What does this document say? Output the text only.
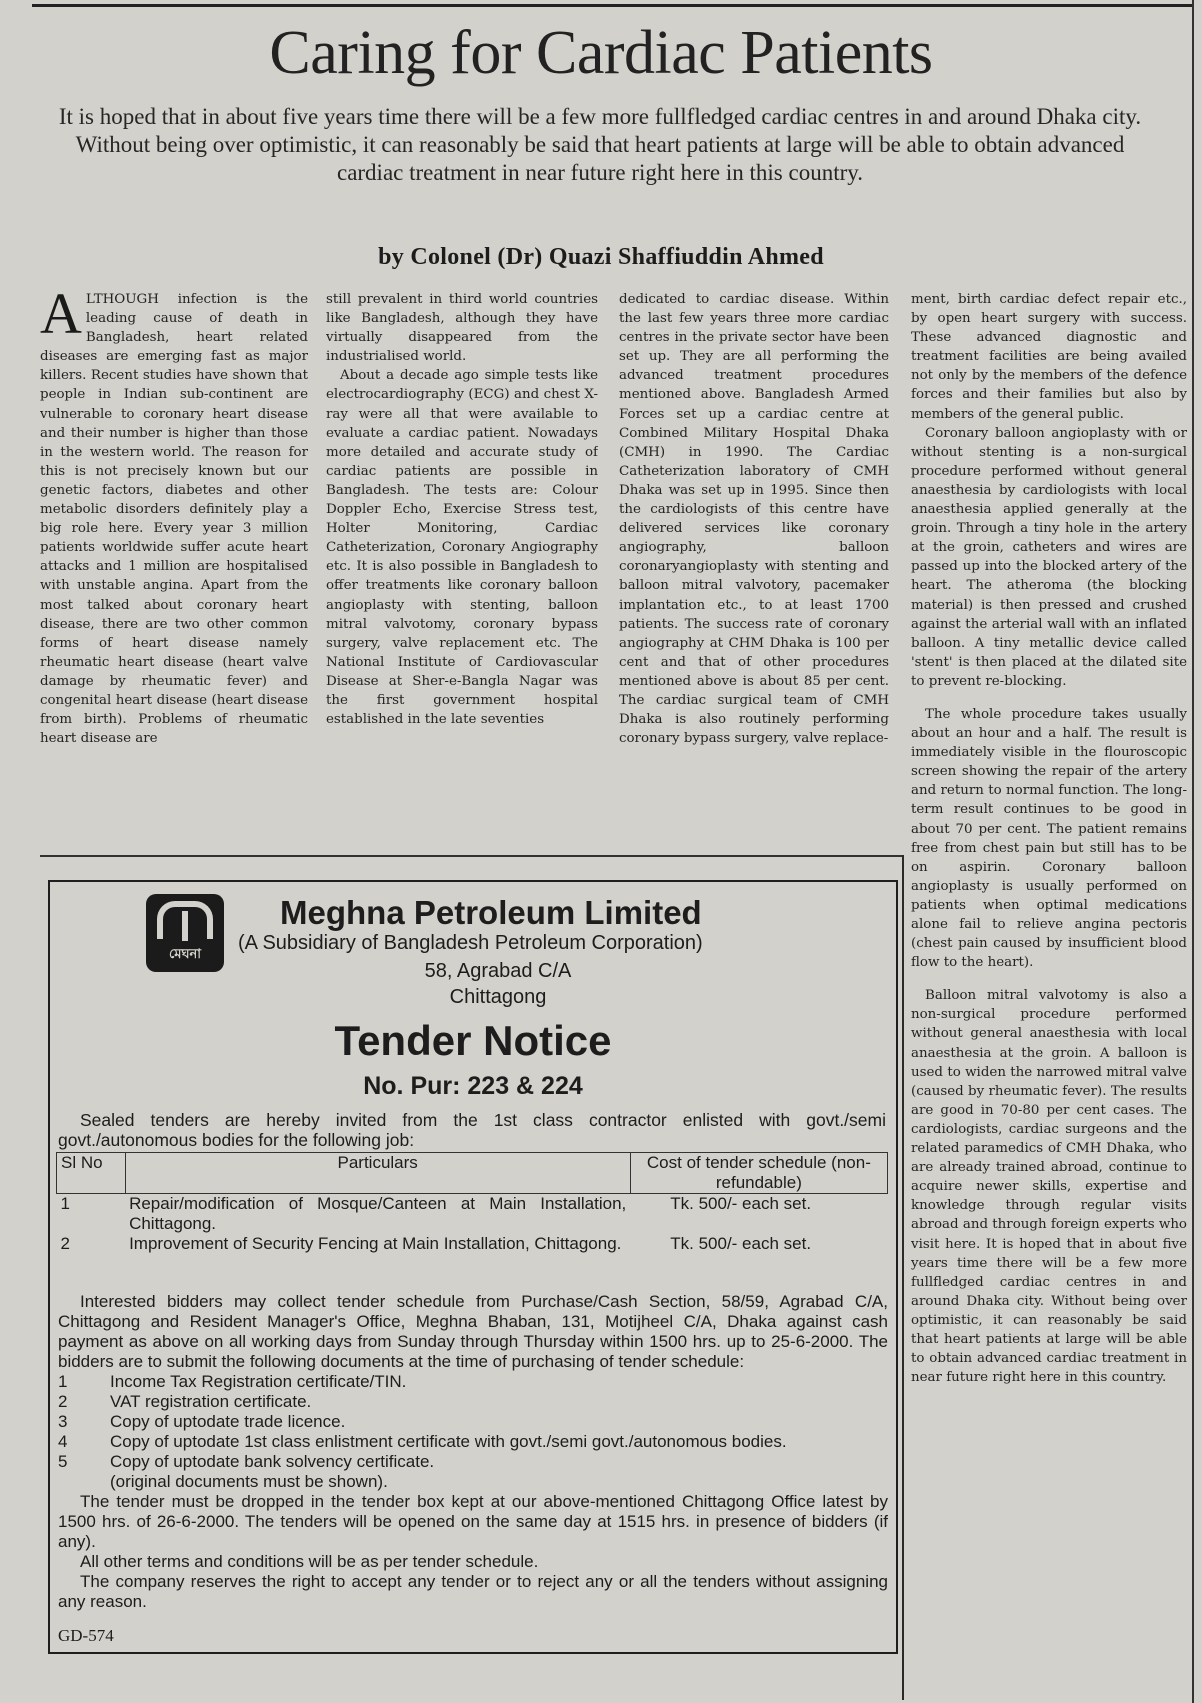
Caring for Cardiac Patients
It is hoped that in about five years time there will be a few more fullfledged cardiac centres in and around Dhaka city. Without being over optimistic, it can reasonably be said that heart patients at large will be able to obtain advanced cardiac treatment in near future right here in this country.
by Colonel (Dr) Quazi Shaffiuddin Ahmed

ALTHOUGH infection is the leading cause of death in Bangladesh, heart related diseases are emerging fast as major killers. Recent studies have shown that people in Indian sub-continent are vulnerable to coronary heart disease and their number is higher than those in the western world. The reason for this is not precisely known but our genetic factors, diabetes and other metabolic disorders definitely play a big role here. Every year 3 million patients worldwide suffer acute heart attacks and 1 million are hospitalised with unstable angina. Apart from the most talked about coronary heart disease, there are two other common forms of heart disease namely rheumatic heart disease (heart valve damage by rheumatic fever) and congenital heart disease (heart disease from birth). Problems of rheumatic heart disease are

still prevalent in third world countries like Bangladesh, although they have virtually disappeared from the industrialised world.

About a decade ago simple tests like electrocardiography (ECG) and chest X-ray were all that were available to evaluate a cardiac patient. Nowadays more detailed and accurate study of cardiac patients are possible in Bangladesh. The tests are: Colour Doppler Echo, Exercise Stress test, Holter Monitoring, Cardiac Catheterization, Coronary Angiography etc. It is also possible in Bangladesh to offer treatments like coronary balloon angioplasty with stenting, balloon mitral valvotomy, coronary bypass surgery, valve replacement etc. The National Institute of Cardiovascular Disease at Sher-e-Bangla Nagar was the first government hospital established in the late seventies

dedicated to cardiac disease. Within the last few years three more cardiac centres in the private sector have been set up. They are all performing the advanced treatment procedures mentioned above. Bangladesh Armed Forces set up a cardiac centre at Combined Military Hospital Dhaka (CMH) in 1990. The Cardiac Catheterization laboratory of CMH Dhaka was set up in 1995. Since then the cardiologists of this centre have delivered services like coronary angiography, balloon coronaryangioplasty with stenting and balloon mitral valvotory, pacemaker implantation etc., to at least 1700 patients. The success rate of coronary angiography at CHM Dhaka is 100 per cent and that of other procedures mentioned above is about 85 per cent. The cardiac surgical team of CMH Dhaka is also routinely performing coronary bypass surgery, valve replace-

ment, birth cardiac defect repair etc., by open heart surgery with success. These advanced diagnostic and treatment facilities are being availed not only by the members of the defence forces and their families but also by members of the general public.

Coronary balloon angioplasty with or without stenting is a non-surgical procedure performed without general anaesthesia by cardiologists with local anaesthesia applied generally at the groin. Through a tiny hole in the artery at the groin, catheters and wires are passed up into the blocked artery of the heart. The atheroma (the blocking material) is then pressed and crushed against the arterial wall with an inflated balloon. A tiny metallic device called 'stent' is then placed at the dilated site to prevent re-blocking.

The whole procedure takes usually about an hour and a half. The result is immediately visible in the flouroscopic screen showing the repair of the artery and return to normal function. The long-term result continues to be good in about 70 per cent. The patient remains free from chest pain but still has to be on aspirin. Coronary balloon angioplasty is usually performed on patients when optimal medications alone fail to relieve angina pectoris (chest pain caused by insufficient blood flow to the heart).

Balloon mitral valvotomy is also a non-surgical procedure performed without general anaesthesia with local anaesthesia at the groin. A balloon is used to widen the narrowed mitral valve (caused by rheumatic fever). The results are good in 70-80 per cent cases. The cardiologists, cardiac surgeons and the related paramedics of CMH Dhaka, who are already trained abroad, continue to acquire newer skills, expertise and knowledge through regular visits abroad and through foreign experts who visit here. It is hoped that in about five years time there will be a few more fullfledged cardiac centres in and around Dhaka city. Without being over optimistic, it can reasonably be said that heart patients at large will be able to obtain advanced cardiac treatment in near future right here in this country.

মেঘনা
Meghna Petroleum Limited
(A Subsidiary of Bangladesh Petroleum Corporation)
58, Agrabad C/A
Chittagong
Tender Notice
No. Pur: 223 & 224
Sealed tenders are hereby invited from the 1st class contractor enlisted with govt./semi govt./autonomous bodies for the following job:
Sl No	Particulars	Cost of tender schedule (non-refundable)
1	Repair/modification of Mosque/Canteen at Main Installation, Chittagong.	Tk. 500/- each set.
2	Improvement of Security Fencing at Main Installation, Chittagong.	Tk. 500/- each set.

Interested bidders may collect tender schedule from Purchase/Cash Section, 58/59, Agrabad C/A, Chittagong and Resident Manager's Office, Meghna Bhaban, 131, Motijheel C/A, Dhaka against cash payment as above on all working days from Sunday through Thursday within 1500 hrs. up to 25-6-2000. The bidders are to submit the following documents at the time of purchasing of tender schedule:

1	Income Tax Registration certificate/TIN.
2	VAT registration certificate.
3	Copy of uptodate trade licence.
4	Copy of uptodate 1st class enlistment certificate with govt./semi govt./autonomous bodies.
5	Copy of uptodate bank solvency certificate.
(original documents must be shown).

The tender must be dropped in the tender box kept at our above-mentioned Chittagong Office latest by 1500 hrs. of 26-6-2000. The tenders will be opened on the same day at 1515 hrs. in presence of bidders (if any).

All other terms and conditions will be as per tender schedule.

The company reserves the right to accept any tender or to reject any or all the tenders without assigning any reason.

GD-574
